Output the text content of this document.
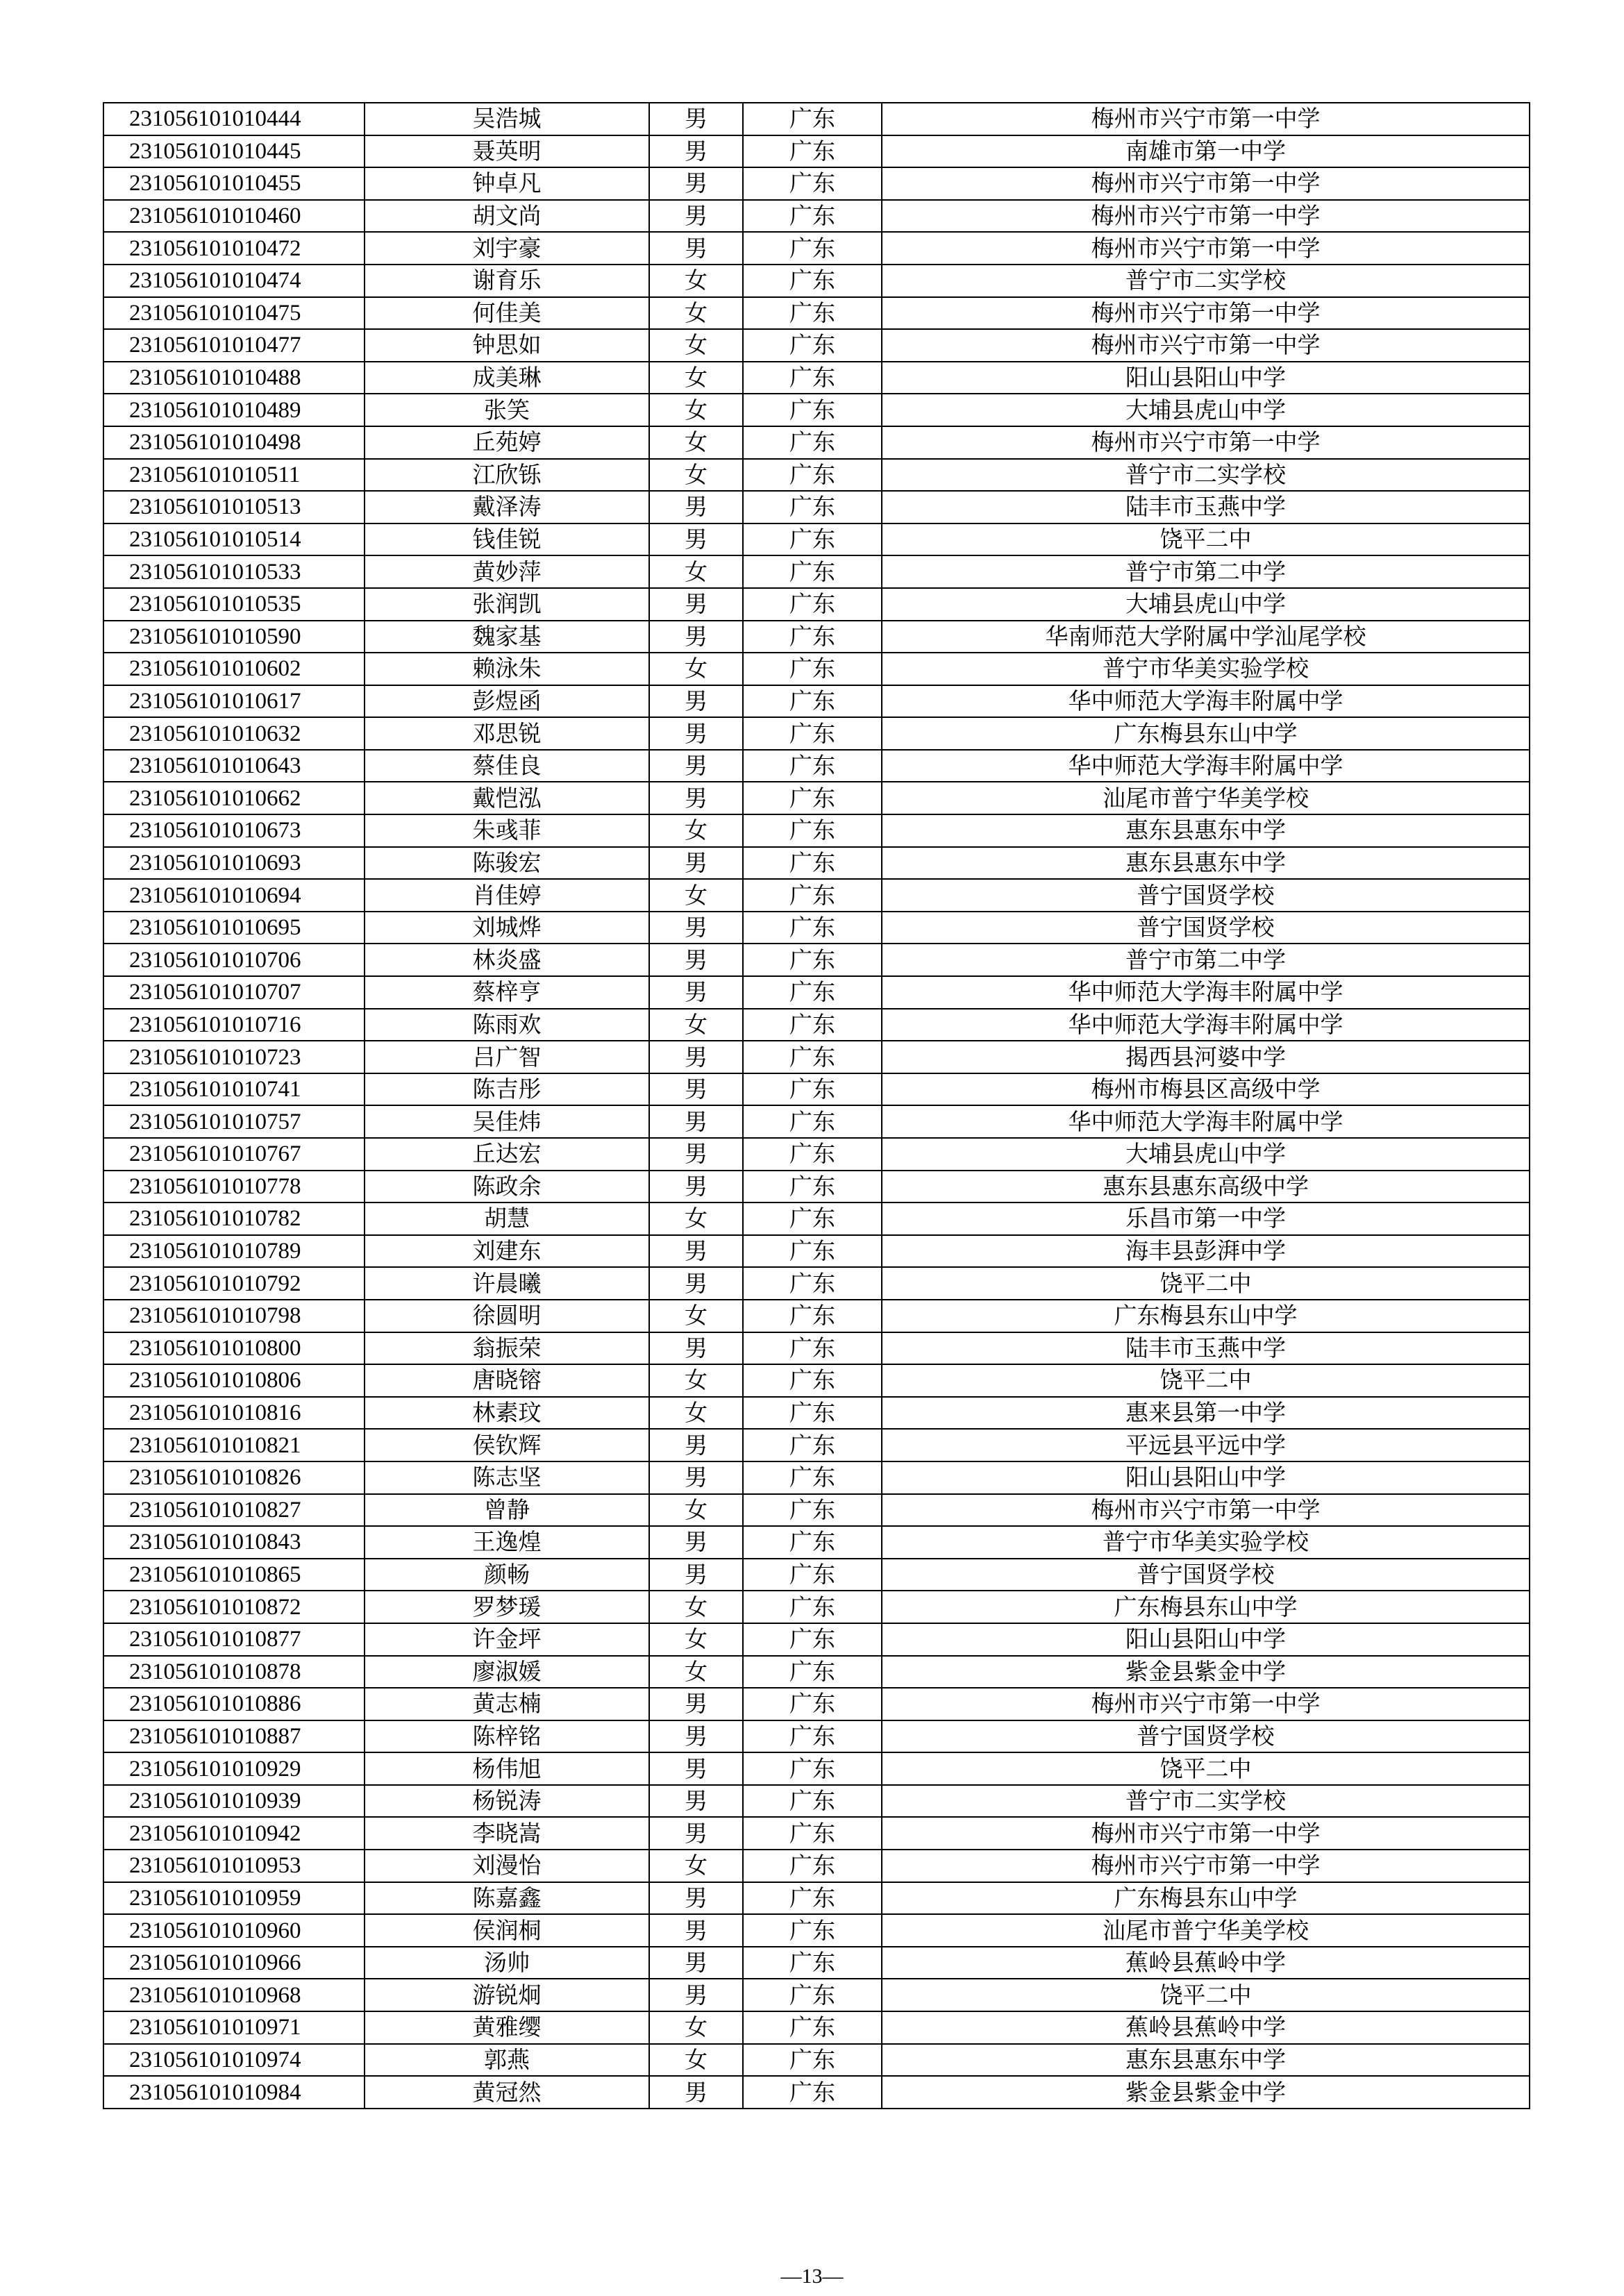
231056101010444	吴浩城	男	广东	梅州市兴宁市第一中学
231056101010445	聂英明	男	广东	南雄市第一中学
231056101010455	钟卓凡	男	广东	梅州市兴宁市第一中学
231056101010460	胡文尚	男	广东	梅州市兴宁市第一中学
231056101010472	刘宇豪	男	广东	梅州市兴宁市第一中学
231056101010474	谢育乐	女	广东	普宁市二实学校
231056101010475	何佳美	女	广东	梅州市兴宁市第一中学
231056101010477	钟思如	女	广东	梅州市兴宁市第一中学
231056101010488	成美琳	女	广东	阳山县阳山中学
231056101010489	张笑	女	广东	大埔县虎山中学
231056101010498	丘苑婷	女	广东	梅州市兴宁市第一中学
231056101010511	江欣铄	女	广东	普宁市二实学校
231056101010513	戴泽涛	男	广东	陆丰市玉燕中学
231056101010514	钱佳锐	男	广东	饶平二中
231056101010533	黄妙萍	女	广东	普宁市第二中学
231056101010535	张润凯	男	广东	大埔县虎山中学
231056101010590	魏家基	男	广东	华南师范大学附属中学汕尾学校
231056101010602	赖泳朱	女	广东	普宁市华美实验学校
231056101010617	彭煜函	男	广东	华中师范大学海丰附属中学
231056101010632	邓思锐	男	广东	广东梅县东山中学
231056101010643	蔡佳良	男	广东	华中师范大学海丰附属中学
231056101010662	戴恺泓	男	广东	汕尾市普宁华美学校
231056101010673	朱彧菲	女	广东	惠东县惠东中学
231056101010693	陈骏宏	男	广东	惠东县惠东中学
231056101010694	肖佳婷	女	广东	普宁国贤学校
231056101010695	刘城烨	男	广东	普宁国贤学校
231056101010706	林炎盛	男	广东	普宁市第二中学
231056101010707	蔡梓亨	男	广东	华中师范大学海丰附属中学
231056101010716	陈雨欢	女	广东	华中师范大学海丰附属中学
231056101010723	吕广智	男	广东	揭西县河婆中学
231056101010741	陈吉彤	男	广东	梅州市梅县区高级中学
231056101010757	吴佳炜	男	广东	华中师范大学海丰附属中学
231056101010767	丘达宏	男	广东	大埔县虎山中学
231056101010778	陈政余	男	广东	惠东县惠东高级中学
231056101010782	胡慧	女	广东	乐昌市第一中学
231056101010789	刘建东	男	广东	海丰县彭湃中学
231056101010792	许晨曦	男	广东	饶平二中
231056101010798	徐圆明	女	广东	广东梅县东山中学
231056101010800	翁振荣	男	广东	陆丰市玉燕中学
231056101010806	唐晓镕	女	广东	饶平二中
231056101010816	林素玟	女	广东	惠来县第一中学
231056101010821	侯钦辉	男	广东	平远县平远中学
231056101010826	陈志坚	男	广东	阳山县阳山中学
231056101010827	曾静	女	广东	梅州市兴宁市第一中学
231056101010843	王逸煌	男	广东	普宁市华美实验学校
231056101010865	颜畅	男	广东	普宁国贤学校
231056101010872	罗梦瑗	女	广东	广东梅县东山中学
231056101010877	许金坪	女	广东	阳山县阳山中学
231056101010878	廖淑媛	女	广东	紫金县紫金中学
231056101010886	黄志楠	男	广东	梅州市兴宁市第一中学
231056101010887	陈梓铭	男	广东	普宁国贤学校
231056101010929	杨伟旭	男	广东	饶平二中
231056101010939	杨锐涛	男	广东	普宁市二实学校
231056101010942	李晓嵩	男	广东	梅州市兴宁市第一中学
231056101010953	刘漫怡	女	广东	梅州市兴宁市第一中学
231056101010959	陈嘉鑫	男	广东	广东梅县东山中学
231056101010960	侯润桐	男	广东	汕尾市普宁华美学校
231056101010966	汤帅	男	广东	蕉岭县蕉岭中学
231056101010968	游锐炯	男	广东	饶平二中
231056101010971	黄雅缨	女	广东	蕉岭县蕉岭中学
231056101010974	郭燕	女	广东	惠东县惠东中学
231056101010984	黄冠然	男	广东	紫金县紫金中学
—13—
